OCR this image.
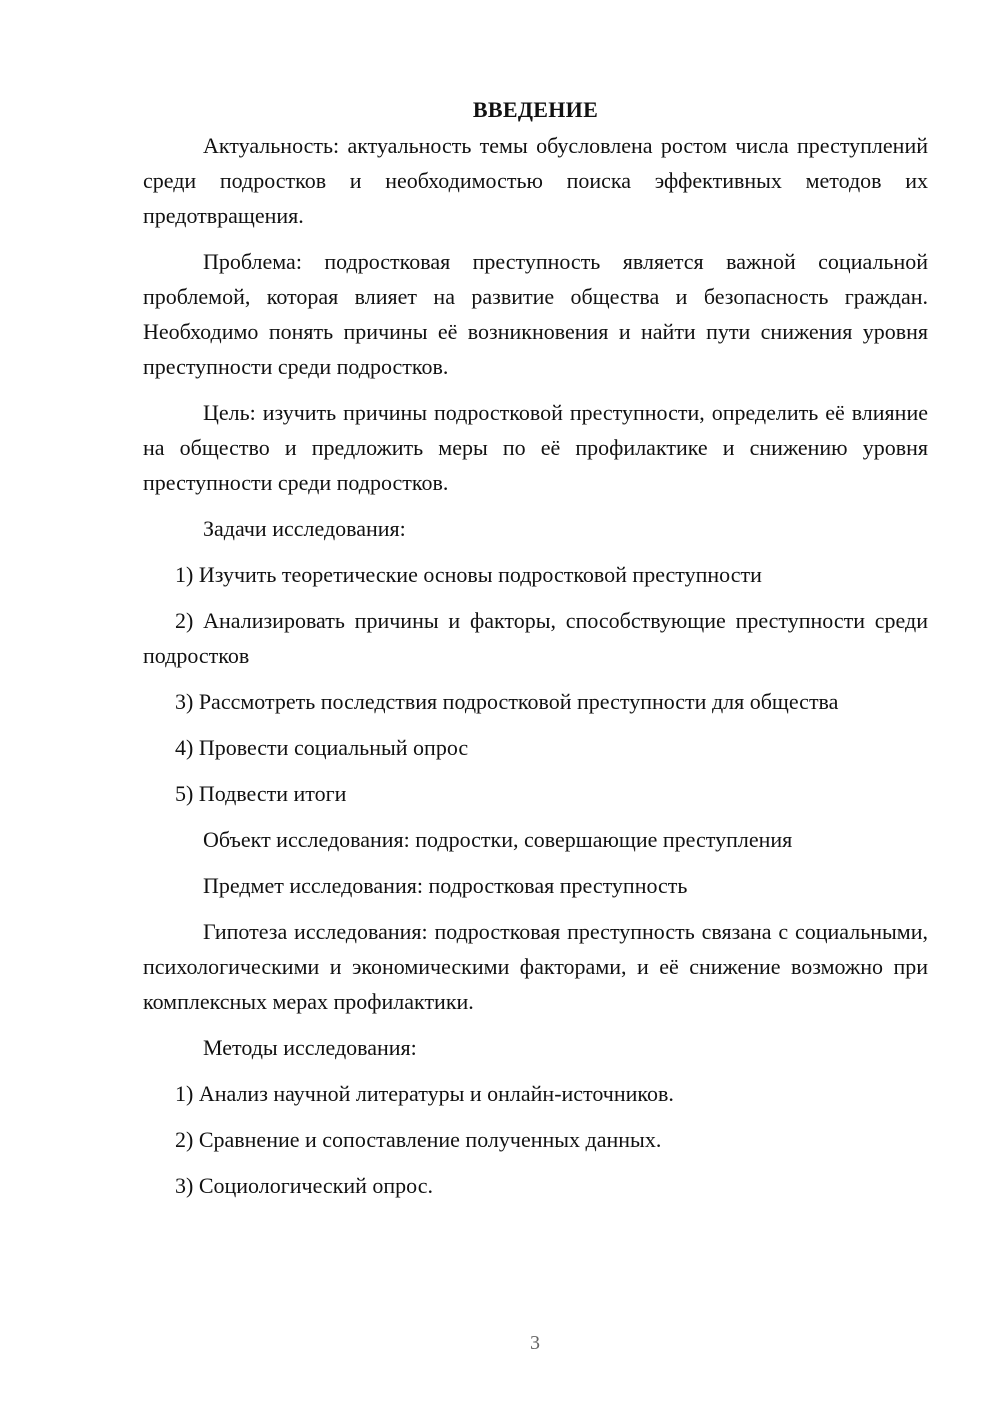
ВВЕДЕНИЕ
Актуальность: актуальность темы обусловлена ростом числа преступлений среди подростков и необходимостью поиска эффективных методов их предотвращения.
Проблема: подростковая преступность является важной социальной проблемой, которая влияет на развитие общества и безопасность граждан. Необходимо понять причины её возникновения и найти пути снижения уровня преступности среди подростков.
Цель: изучить причины подростковой преступности, определить её влияние на общество и предложить меры по её профилактике и снижению уровня преступности среди подростков.
Задачи исследования:
1) Изучить теоретические основы подростковой преступности
2) Анализировать причины и факторы, способствующие преступности среди подростков
3) Рассмотреть последствия подростковой преступности для общества
4) Провести социальный опрос
5) Подвести итоги
Объект исследования: подростки, совершающие преступления
Предмет исследования: подростковая преступность
Гипотеза исследования: подростковая преступность связана с социальными, психологическими и экономическими факторами, и её снижение возможно при комплексных мерах профилактики.
Методы исследования:
1) Анализ научной литературы и онлайн-источников.
2) Сравнение и сопоставление полученных данных.
3) Социологический опрос.
3
